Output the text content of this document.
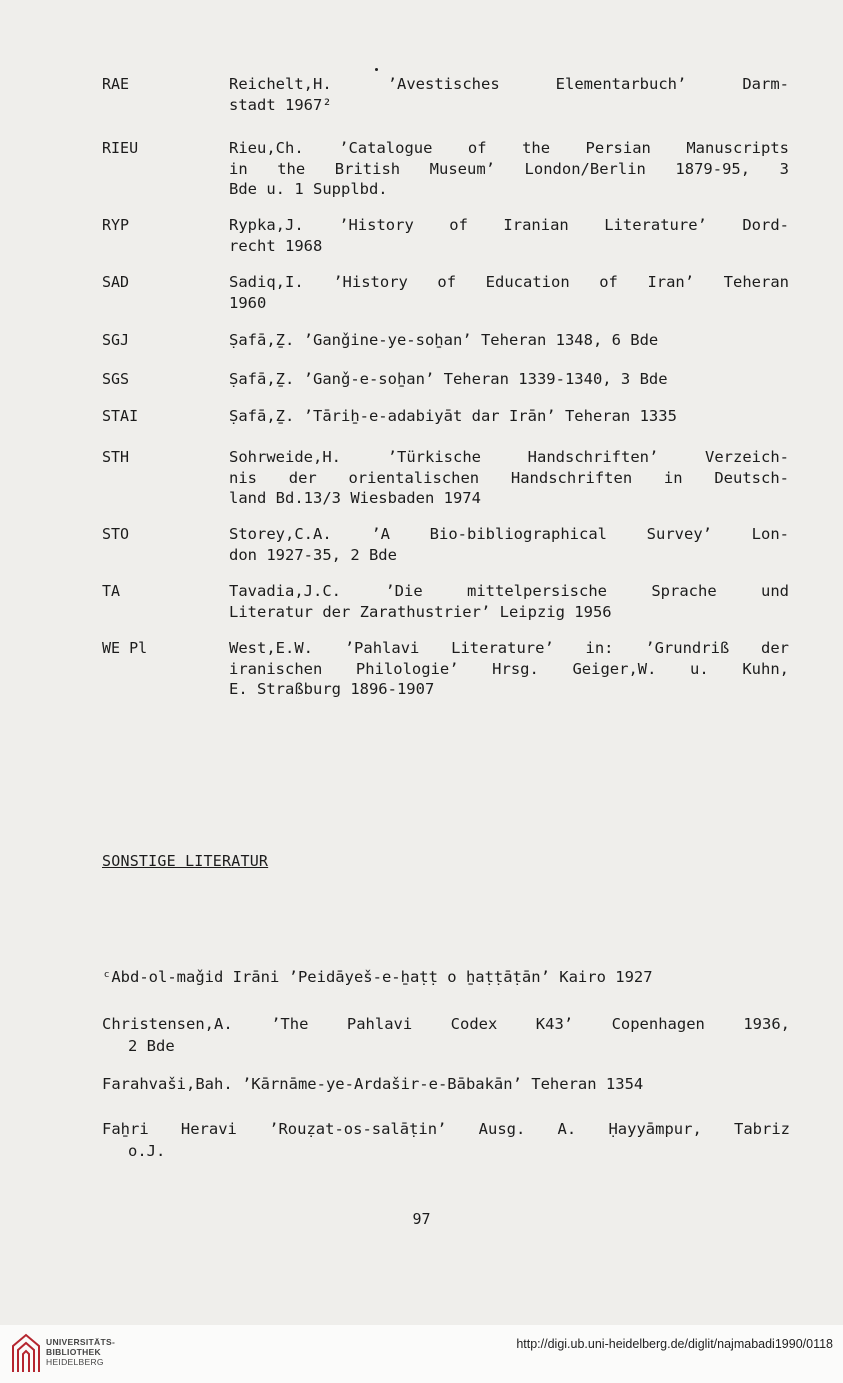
RAE	Reichelt,H. ’Avestisches Elementarbuch’ Darm-
stadt 1967²
RIEU	Rieu,Ch. ’Catalogue of the Persian Manuscripts
in the British Museum’ London/Berlin 1879-95, 3
Bde u. 1 Supplbd.
RYP	Rypka,J. ’History of Iranian Literature’ Dord-
recht 1968
SAD	Sadiq,I. ’History of Education of Iran’ Teheran
1960
SGJ	Ṣafā,Ẕ. ’Ganǧine-ye-soẖan’ Teheran 1348, 6 Bde
SGS	Ṣafā,Ẕ. ’Ganǧ-e-soẖan’ Teheran 1339-1340, 3 Bde
STAI	Ṣafā,Ẕ. ’Tāriẖ-e-adabiyāt dar Irān’ Teheran 1335
STH	Sohrweide,H. ’Türkische Handschriften’ Verzeich-
nis der orientalischen Handschriften in Deutsch-
land Bd.13/3 Wiesbaden 1974
STO	Storey,C.A. ’A Bio-bibliographical Survey’ Lon-
don 1927-35, 2 Bde
TA	Tavadia,J.C. ’Die mittelpersische Sprache und
Literatur der Zarathustrier’ Leipzig 1956
WE Pl	West,E.W. ’Pahlavi Literature’ in: ’Grundriß der
iranischen Philologie’ Hrsg. Geiger,W. u. Kuhn,
E. Straßburg 1896-1907
SONSTIGE LITERATUR
ᶜAbd-ol-maǧid Irāni ’Peidāyeš-e-ẖaṭṭ o ẖaṭṭāṭān’ Kairo 1927
Christensen,A. ’The Pahlavi Codex K43’ Copenhagen 1936,
2 Bde
Farahvaši,Bah. ’Kārnāme-ye-Ardašir-e-Bābakān’ Teheran 1354
Faẖri Heravi ’Rouẓat-os-salāṭin’ Ausg. A. Ḥayyāmpur, Tabriz
o.J.
97
UNIVERSITÄTS-
BIBLIOTHEK
HEIDELBERG
http://digi.ub.uni-heidelberg.de/diglit/najmabadi1990/0118
